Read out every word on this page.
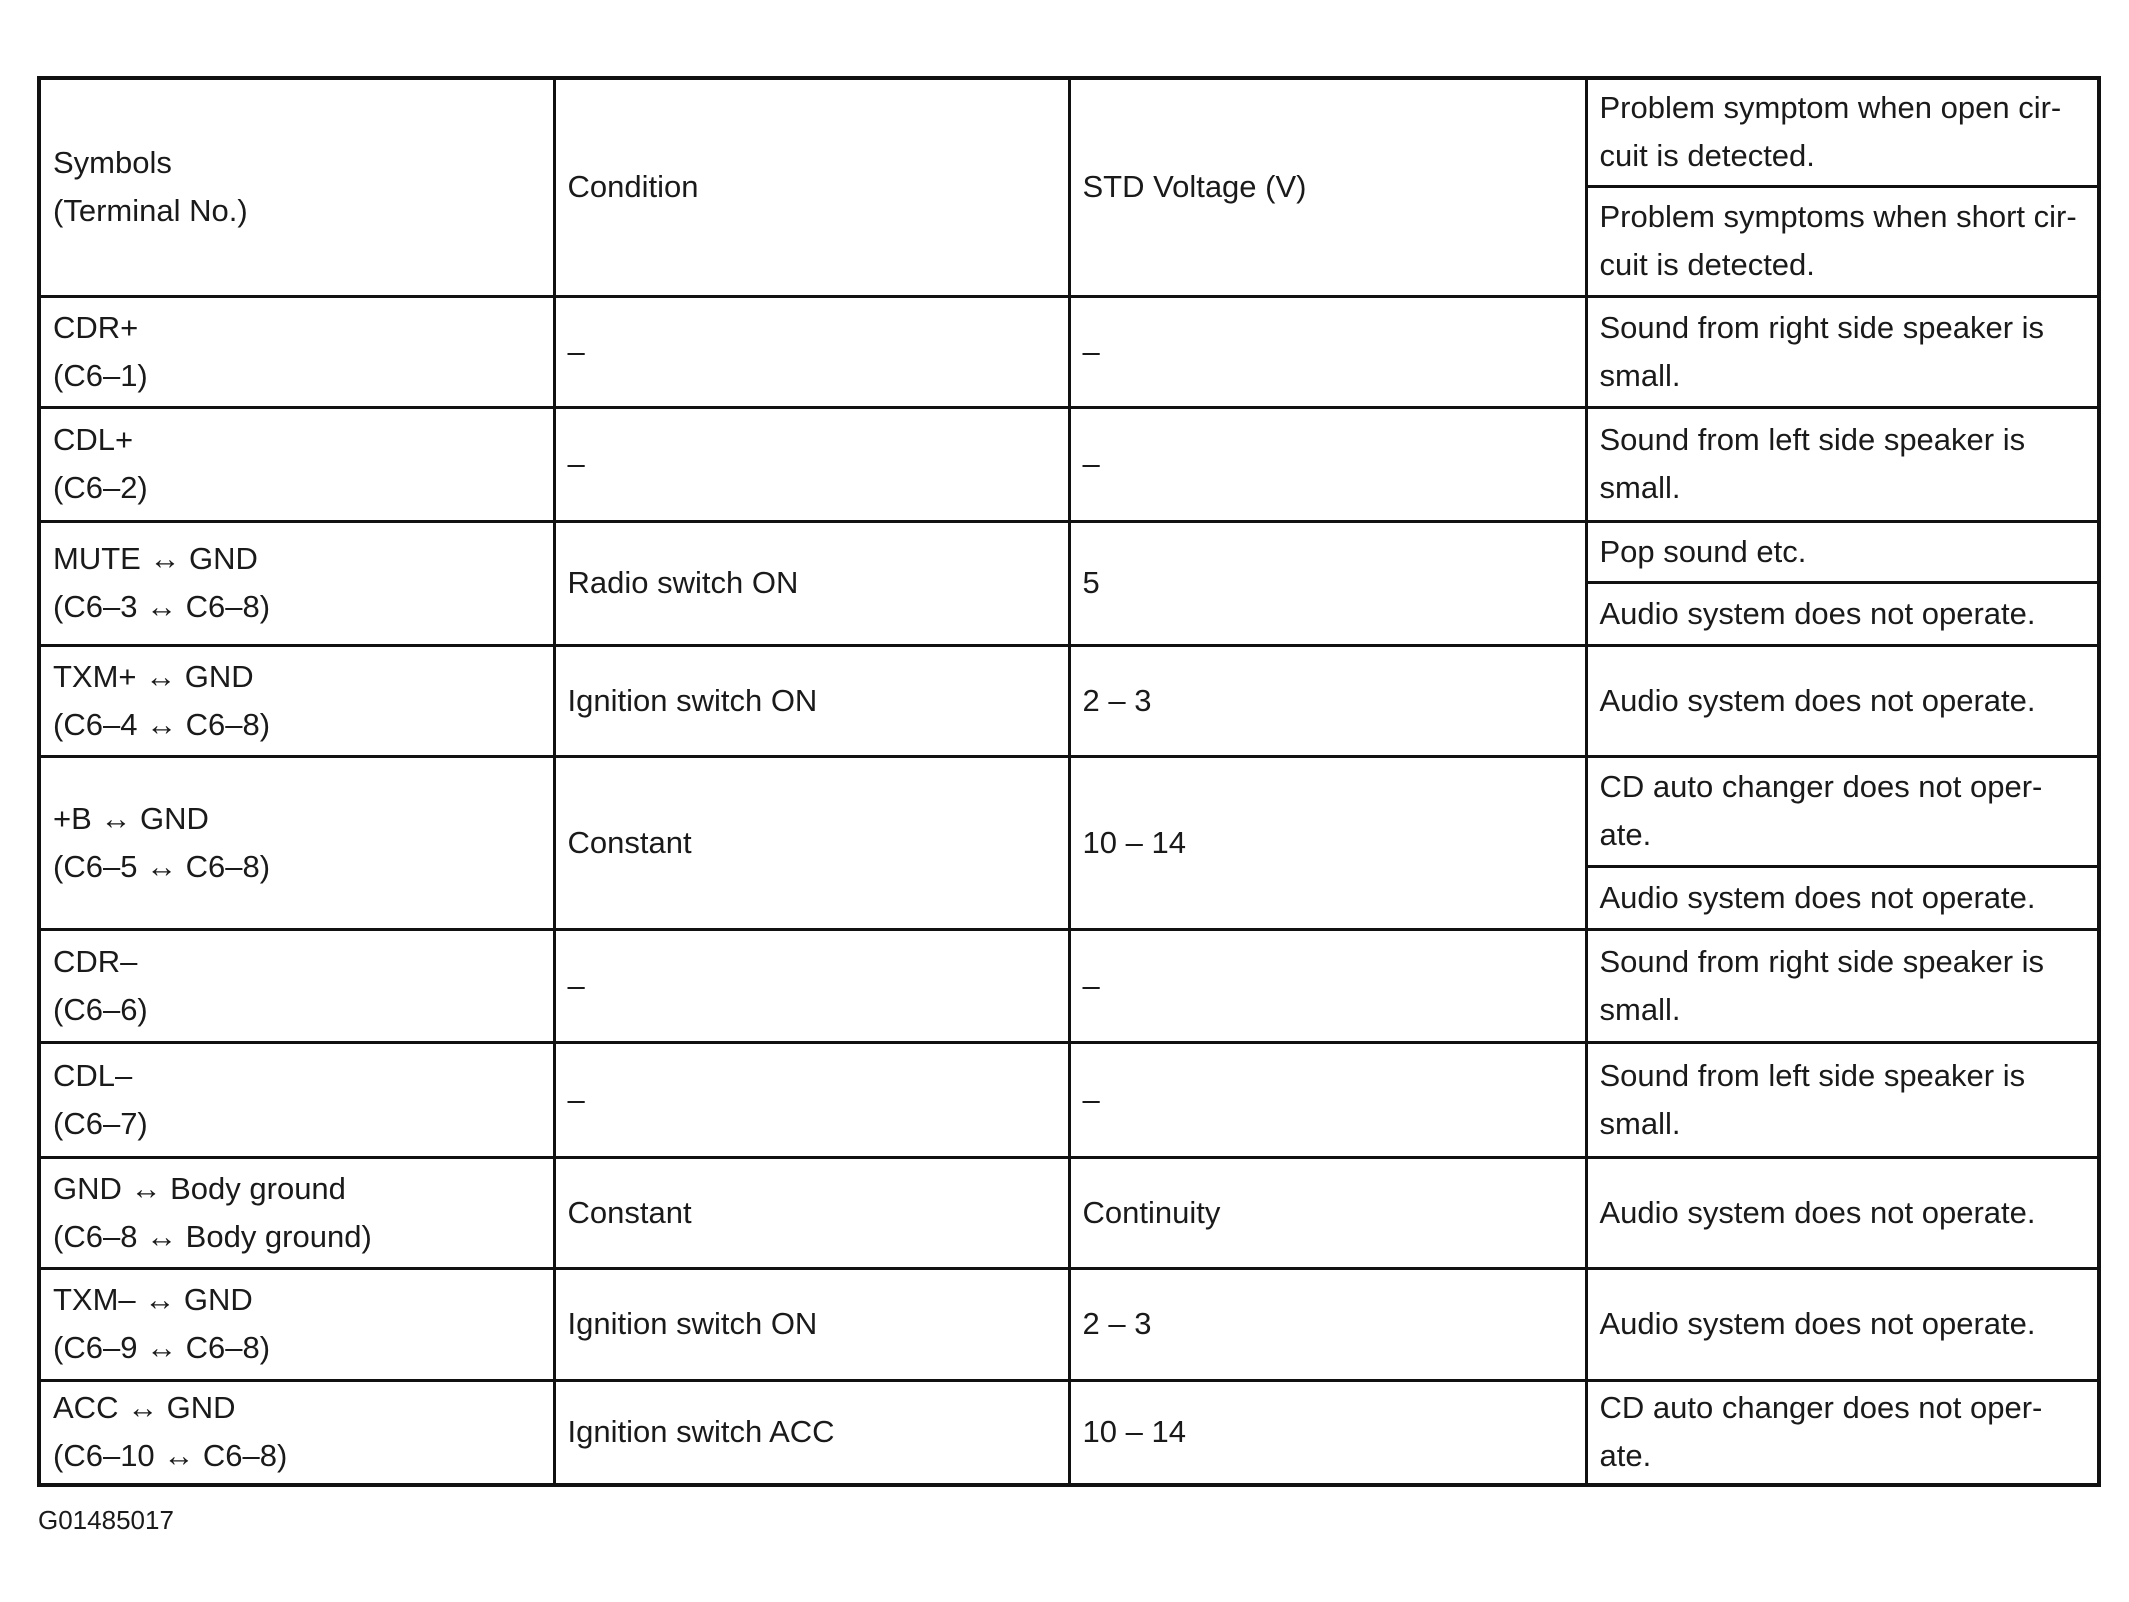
Symbols
(Terminal No.)	Condition	STD Voltage (V)	Problem symptom when open cir-
cuit is detected.

			Problem symptoms when short cir-
cuit is detected.

CDR+
(C6–1)	–	–	Sound from right side speaker is
small.

CDL+
(C6–2)	–	–	Sound from left side speaker is
small.

MUTE ↔ GND
(C6–3 ↔ C6–8)	Radio switch ON	5	Pop sound etc.
			Audio system does not operate.

TXM+ ↔ GND
(C6–4 ↔ C6–8)	Ignition switch ON	2 – 3	Audio system does not operate.

+B ↔ GND
(C6–5 ↔ C6–8)	Constant	10 – 14	CD auto changer does not oper-
ate.

			Audio system does not operate.

CDR–
(C6–6)	–	–	Sound from right side speaker is
small.

CDL–
(C6–7)	–	–	Sound from left side speaker is
small.

GND ↔ Body ground
(C6–8 ↔ Body ground)	Constant	Continuity	Audio system does not operate.

TXM– ↔ GND
(C6–9 ↔ C6–8)	Ignition switch ON	2 – 3	Audio system does not operate.

ACC ↔ GND
(C6–10 ↔ C6–8)	Ignition switch ACC	10 – 14	CD auto changer does not oper-
ate.
G01485017
